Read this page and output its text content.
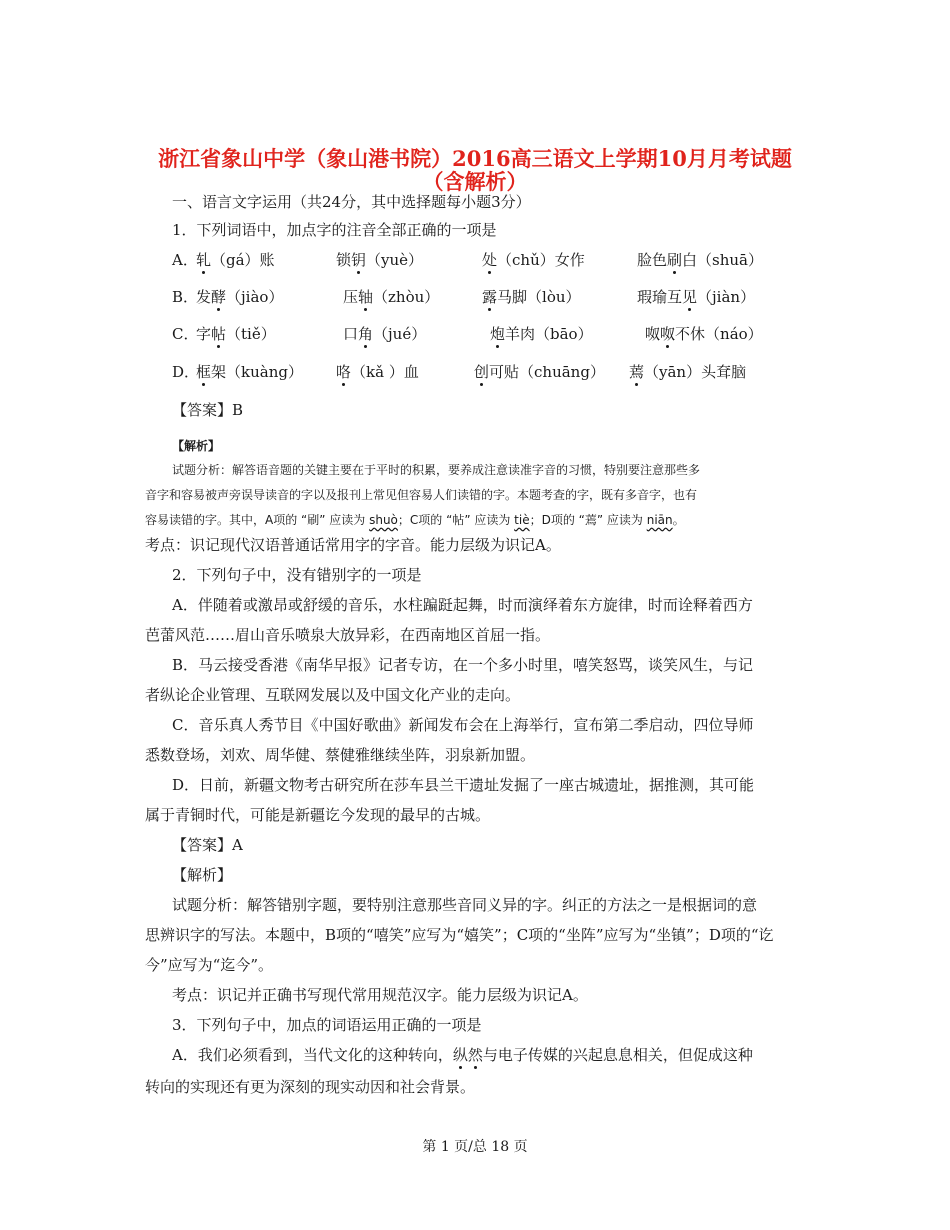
浙江省象山中学（象山港书院）2016高三语文上学期10月月考试题
（含解析）
一、语言文字运用（共24分，其中选择题每小题3分）
1．下列词语中，加点字的注音全部正确的一项是
A．
轧（gá）账	锁钥（yuè）	处（chǔ）女作	脸色刷白（shuā）
B．
发酵（jiào）	压轴（zhòu）	露马脚（lòu）	瑕瑜互见（jiàn）
C．
字帖（tiě）	口角（jué）	炮羊肉（bāo）	呶呶不休（náo）
D．
框架（kuàng） 咯（kǎ ）血	创可贴（chuāng） 蔫（yān）头耷脑
【答案】B
【解析】
试题分析：解答语音题的关键主要在于平时的积累，要养成注意读准字音的习惯，特别要注意那些多
音字和容易被声旁误导读音的字以及报刊上常见但容易人们读错的字。本题考查的字，既有多音字，也有
容易读错的字。其中，A项的 “刷” 应读为 shuò；C项的 “帖” 应读为 tiè；D项的 “蔫” 应读为 niān。
考点：识记现代汉语普通话常用字的字音。能力层级为识记A。
2．下列句子中，没有错别字的一项是
A．伴随着或激昂或舒缓的音乐，水柱蹁跹起舞，时而演绎着东方旋律，时而诠释着西方
芭蕾风范……眉山音乐喷泉大放异彩，在西南地区首屈一指。
B．马云接受香港《南华早报》记者专访，在一个多小时里，嘻笑怒骂，谈笑风生，与记
者纵论企业管理、互联网发展以及中国文化产业的走向。
C．音乐真人秀节目《中国好歌曲》新闻发布会在上海举行，宣布第二季启动，四位导师
悉数登场，刘欢、周华健、蔡健雅继续坐阵，羽泉新加盟。
D．日前，新疆文物考古研究所在莎车县兰干遗址发掘了一座古城遗址，据推测，其可能
属于青铜时代，可能是新疆讫今发现的最早的古城。
【答案】A
【解析】
试题分析：解答错别字题，要特别注意那些音同义异的字。纠正的方法之一是根据词的意
思辨识字的写法。本题中，B项的“嘻笑”应写为“嬉笑”；C项的“坐阵”应写为“坐镇”；D项的“讫
今”应写为“迄今”。
考点：识记并正确书写现代常用规范汉字。能力层级为识记A。
3．下列句子中，加点的词语运用正确的一项是
A．我们必须看到，当代文化的这种转向，纵然与电子传媒的兴起息息相关，但促成这种
转向的实现还有更为深刻的现实动因和社会背景。
第 1 页/总 18 页
